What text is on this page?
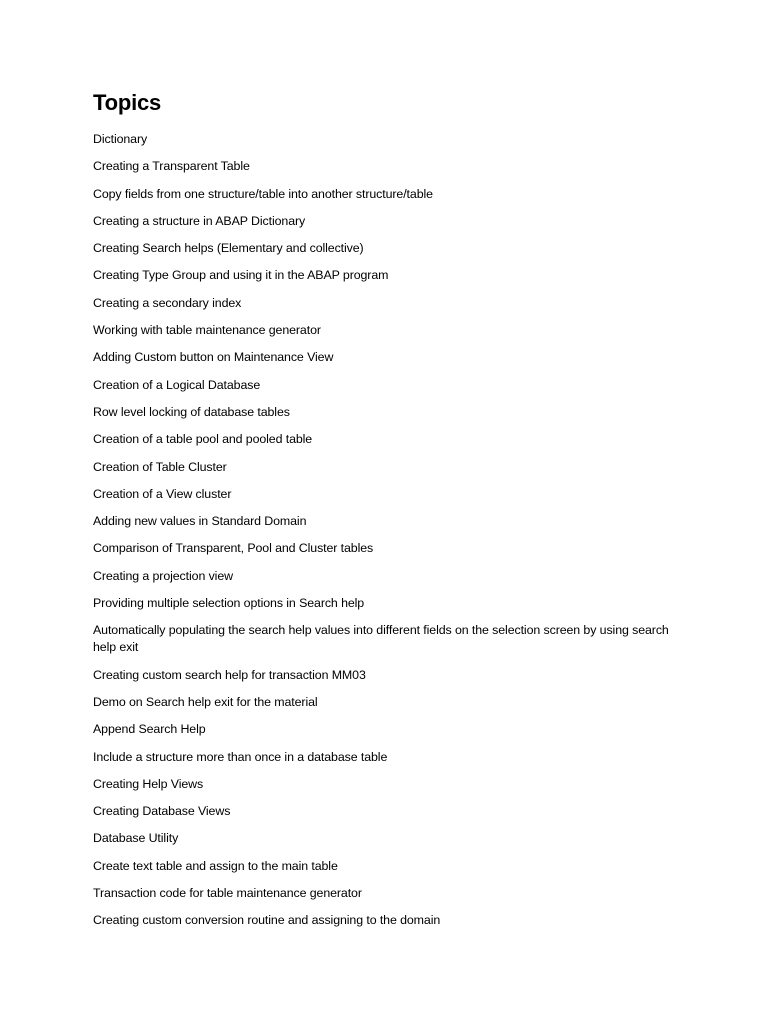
Topics
Dictionary
Creating a Transparent Table
Copy fields from one structure/table into another structure/table
Creating a structure in ABAP Dictionary
Creating Search helps (Elementary and collective)
Creating Type Group and using it in the ABAP program
Creating a secondary index
Working with table maintenance generator
Adding Custom button on Maintenance View
Creation of a Logical Database
Row level locking of database tables
Creation of a table pool and pooled table
Creation of Table Cluster
Creation of a View cluster
Adding new values in Standard Domain
Comparison of Transparent, Pool and Cluster tables
Creating a projection view
Providing multiple selection options in Search help
Automatically populating the search help values into different fields on the selection screen by using search help exit
Creating custom search help for transaction MM03
Demo on Search help exit for the material
Append Search Help
Include a structure more than once in a database table
Creating Help Views
Creating Database Views
Database Utility
Create text table and assign to the main table
Transaction code for table maintenance generator
Creating custom conversion routine and assigning to the domain
